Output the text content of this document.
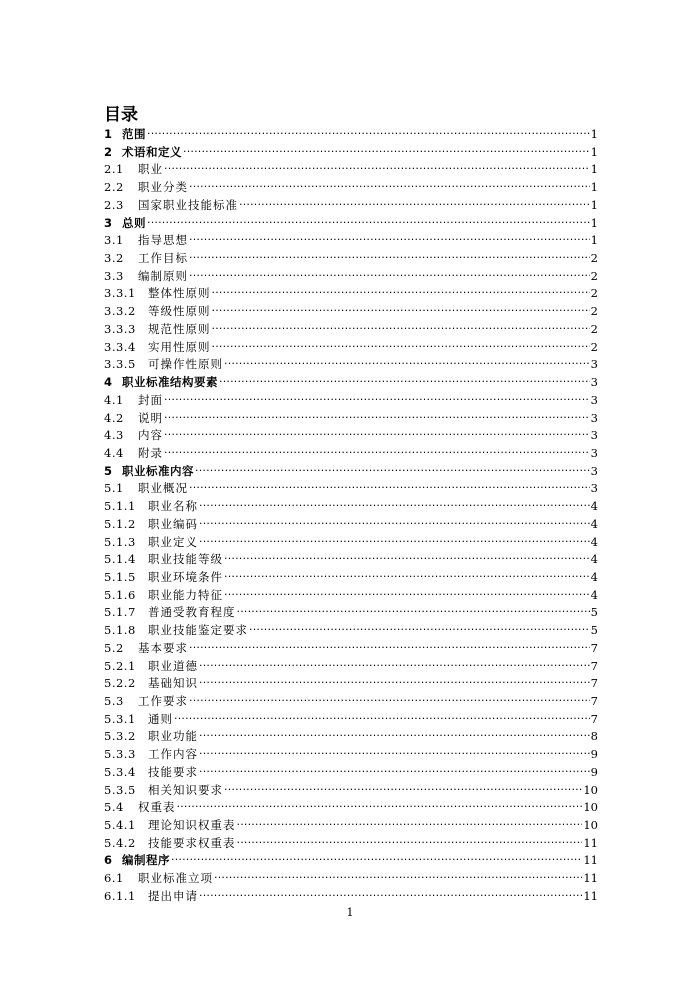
目录
1 范围 ·····	1
2 术语和定义 ·····	1
2.1	职业 ·····	1
2.2	职业分类 ·····	1
2.3	国家职业技能标准 ·····	1
3 总则 ·····	1
3.1	指导思想 ·····	1
3.2	工作目标 ·····	2
3.3	编制原则 ·····	2
3.3.1	整体性原则 ·····	2
3.3.2	等级性原则 ·····	2
3.3.3	规范性原则 ·····	2
3.3.4	实用性原则 ·····	2
3.3.5	可操作性原则 ·····	3
4 职业标准结构要素 ·····	3
4.1	封面 ·····	3
4.2	说明 ·····	3
4.3	内容 ·····	3
4.4	附录 ·····	3
5 职业标准内容 ·····	3
5.1	职业概况 ·····	3
5.1.1	职业名称 ·····	4
5.1.2	职业编码 ·····	4
5.1.3	职业定义 ·····	4
5.1.4	职业技能等级 ·····	4
5.1.5	职业环境条件 ·····	4
5.1.6	职业能力特征 ·····	4
5.1.7	普通受教育程度 ·····	5
5.1.8	职业技能鉴定要求 ·····	5
5.2	基本要求 ·····	7
5.2.1	职业道德 ·····	7
5.2.2	基础知识 ·····	7
5.3	工作要求 ·····	7
5.3.1	通则 ·····	7
5.3.2	职业功能 ·····	8
5.3.3	工作内容 ·····	9
5.3.4	技能要求 ·····	9
5.3.5	相关知识要求 ·····	10
5.4	权重表 ·····	10
5.4.1	理论知识权重表 ·····	10
5.4.2	技能要求权重表 ·····	11
6 编制程序 ·····	11
6.1	职业标准立项 ·····	11
6.1.1	提出申请 ·····	11
1
